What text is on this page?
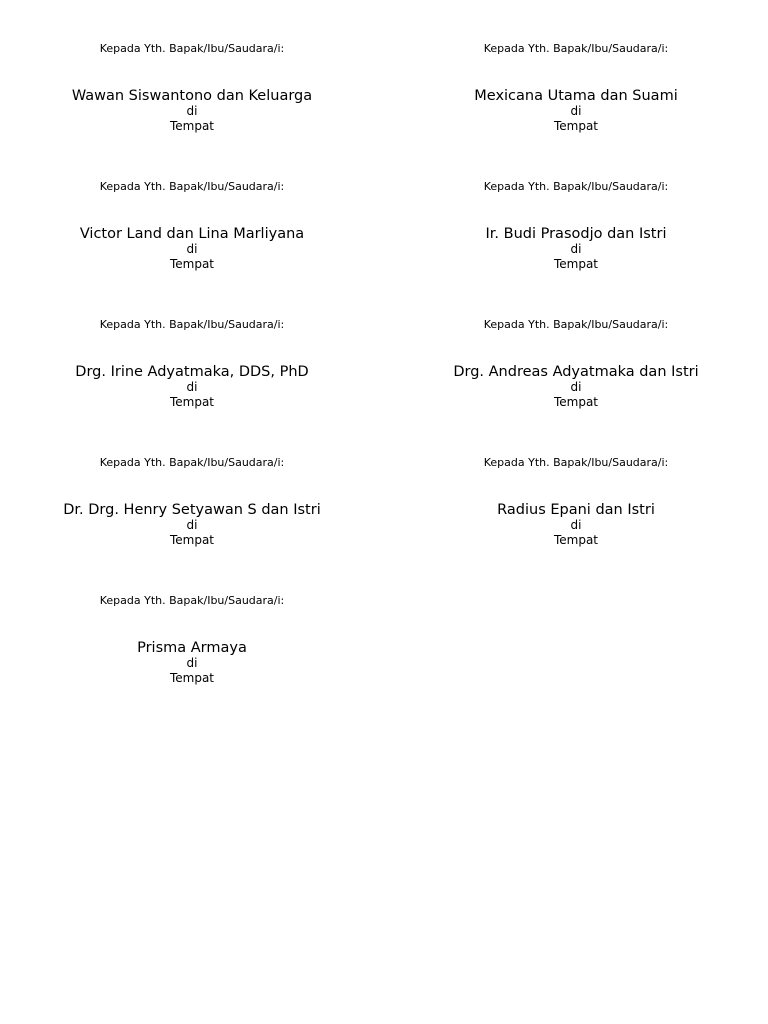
Kepada Yth. Bapak/Ibu/Saudara/i:
Wawan Siswantono dan Keluarga
di
Tempat
Kepada Yth. Bapak/Ibu/Saudara/i:
Mexicana Utama dan Suami
di
Tempat
Kepada Yth. Bapak/Ibu/Saudara/i:
Victor Land dan Lina Marliyana
di
Tempat
Kepada Yth. Bapak/Ibu/Saudara/i:
Ir. Budi Prasodjo dan Istri
di
Tempat
Kepada Yth. Bapak/Ibu/Saudara/i:
Drg. Irine Adyatmaka, DDS, PhD
di
Tempat
Kepada Yth. Bapak/Ibu/Saudara/i:
Drg. Andreas Adyatmaka dan Istri
di
Tempat
Kepada Yth. Bapak/Ibu/Saudara/i:
Dr. Drg. Henry Setyawan S dan Istri
di
Tempat
Kepada Yth. Bapak/Ibu/Saudara/i:
Radius Epani dan Istri
di
Tempat
Kepada Yth. Bapak/Ibu/Saudara/i:
Prisma Armaya
di
Tempat
